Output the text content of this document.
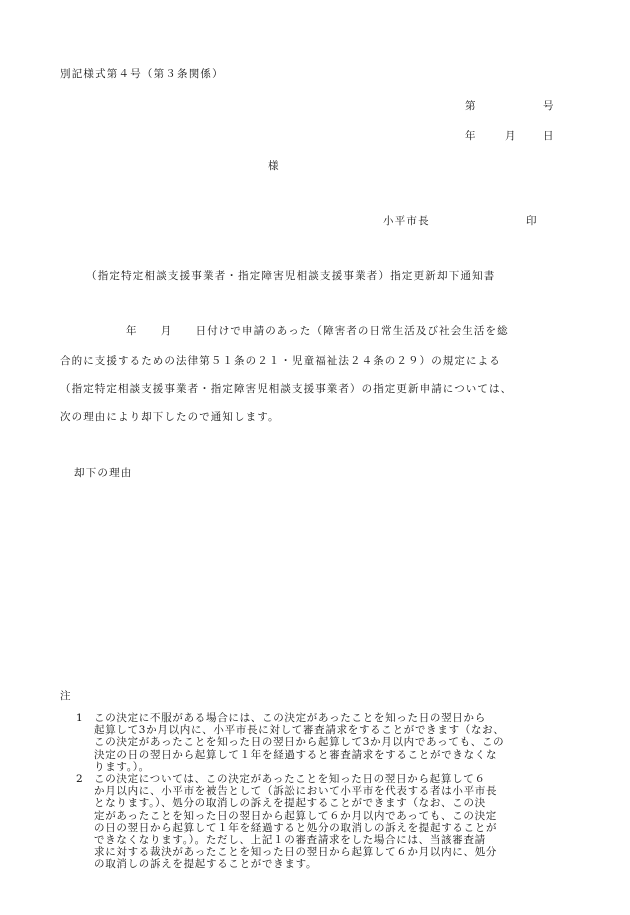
別記様式第４号（第３条関係）
第	号
年	月	日
様
小平市長	印
（指定特定相談支援事業者・指定障害児相談支援事業者）指定更新却下通知書
年　　月　　日付けで申請のあった（障害者の日常生活及び社会生活を総
合的に支援するための法律第５１条の２１・児童福祉法２４条の２９）の規定による
（指定特定相談支援事業者・指定障害児相談支援事業者）の指定更新申請については、
次の理由により却下したので通知します。
却下の理由
注
1 この決定に不服がある場合には、この決定があったことを知った日の翌日から
起算して3か月以内に、小平市長に対して審査請求をすることができます（なお、
この決定があったことを知った日の翌日から起算して3か月以内であっても、この
決定の日の翌日から起算して１年を経過すると審査請求をすることができなくな
ります。）。
2 この決定については、この決定があったことを知った日の翌日から起算して６
か月以内に、小平市を被告として（訴訟において小平市を代表する者は小平市長
となります。）、処分の取消しの訴えを提起することができます（なお、この決
定があったことを知った日の翌日から起算して６か月以内であっても、この決定
の日の翌日から起算して１年を経過すると処分の取消しの訴えを提起することが
できなくなります。）。ただし、上記１の審査請求をした場合には、当該審査請
求に対する裁決があったことを知った日の翌日から起算して６か月以内に、処分
の取消しの訴えを提起することができます。
